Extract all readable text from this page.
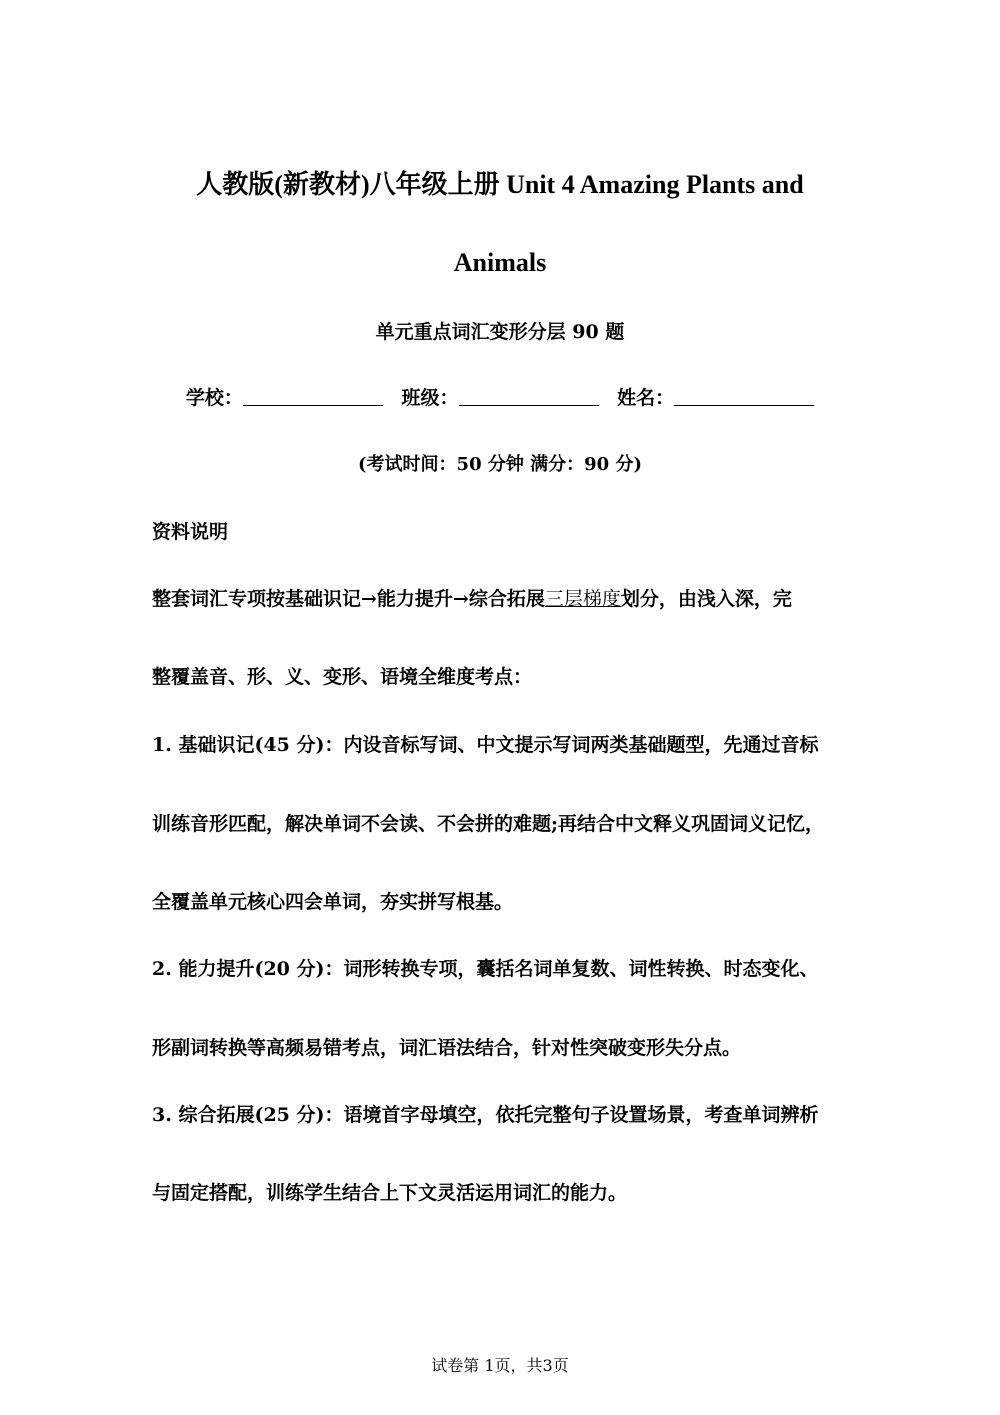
人教版(新教材)八年级上册 Unit 4 Amazing Plants and
Animals
单元重点词汇变形分层 90 题
学校：	班级：	姓名：
(考试时间：50 分钟 满分：90 分)
资料说明
整套词汇专项按基础识记→能力提升→综合拓展三层梯度划分，由浅入深，完
整覆盖音、形、义、变形、语境全维度考点：
1. 基础识记(45 分)：内设音标写词、中文提示写词两类基础题型，先通过音标
训练音形匹配，解决单词不会读、不会拼的难题;再结合中文释义巩固词义记忆，
全覆盖单元核心四会单词，夯实拼写根基。
2. 能力提升(20 分)：词形转换专项，囊括名词单复数、词性转换、时态变化、
形副词转换等高频易错考点，词汇语法结合，针对性突破变形失分点。
3. 综合拓展(25 分)：语境首字母填空，依托完整句子设置场景，考查单词辨析
与固定搭配，训练学生结合上下文灵活运用词汇的能力。
试卷第 1页，共3页
